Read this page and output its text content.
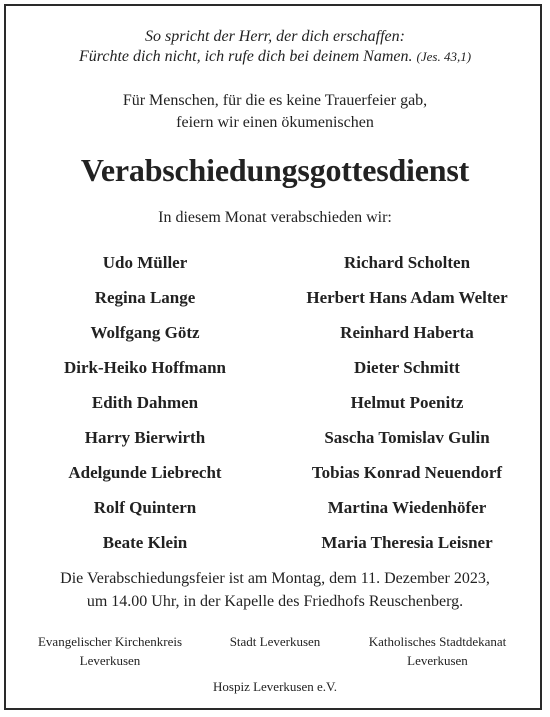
So spricht der Herr, der dich erschaffen:
Fürchte dich nicht, ich rufe dich bei deinem Namen. (Jes. 43,1)
Für Menschen, für die es keine Trauerfeier gab,
feiern wir einen ökumenischen
Verabschiedungsgottesdienst
In diesem Monat verabschieden wir:
Udo Müller	Richard Scholten
Regina Lange	Herbert Hans Adam Welter
Wolfgang Götz	Reinhard Haberta
Dirk-Heiko Hoffmann	Dieter Schmitt
Edith Dahmen	Helmut Poenitz
Harry Bierwirth	Sascha Tomislav Gulin
Adelgunde Liebrecht	Tobias Konrad Neuendorf
Rolf Quintern	Martina Wiedenhöfer
Beate Klein	Maria Theresia Leisner
Die Verabschiedungsfeier ist am Montag, dem 11. Dezember 2023,
um 14.00 Uhr, in der Kapelle des Friedhofs Reuschenberg.
Evangelischer Kirchenkreis
Leverkusen
Stadt Leverkusen	Katholisches Stadtdekanat
Leverkusen
Hospiz Leverkusen e.V.
